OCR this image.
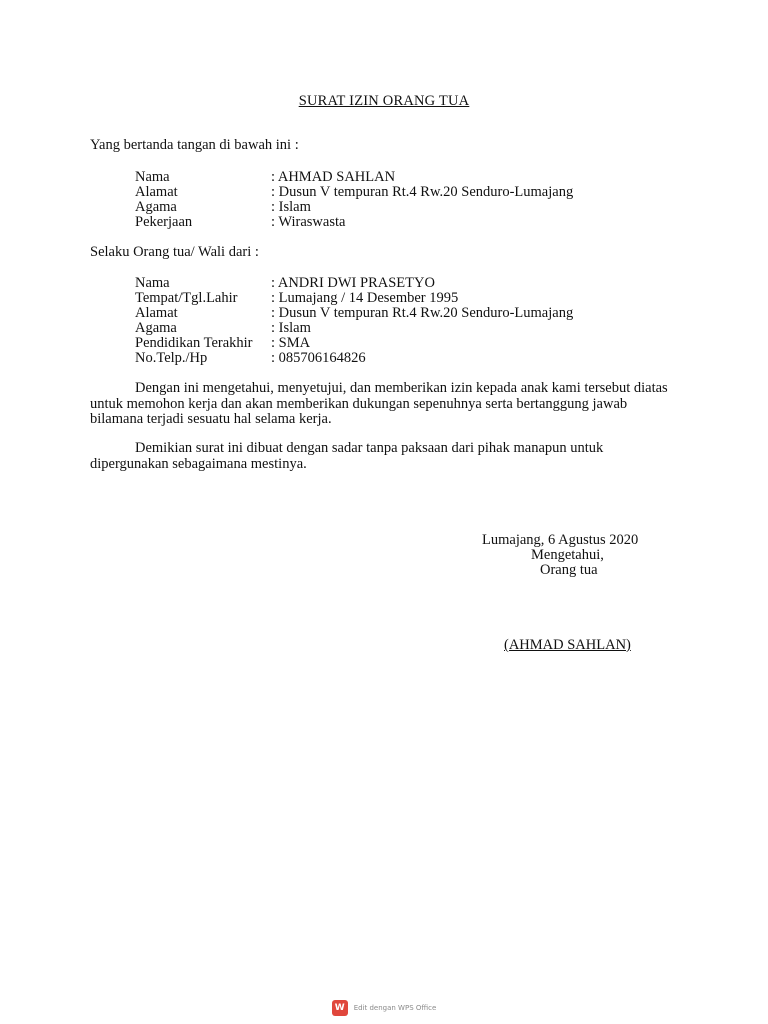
SURAT IZIN ORANG TUA
Yang bertanda tangan di bawah ini :
Nama	: AHMAD SAHLAN
Alamat	: Dusun V tempuran Rt.4 Rw.20 Senduro-Lumajang
Agama	: Islam
Pekerjaan	: Wiraswasta
Selaku Orang tua/ Wali dari :
Nama	: ANDRI DWI PRASETYO
Tempat/Tgl.Lahir : Lumajang / 14 Desember 1995
Alamat	: Dusun V tempuran Rt.4 Rw.20 Senduro-Lumajang
Agama	: Islam
Pendidikan Terakhir : SMA
No.Telp./Hp	: 085706164826
Dengan ini mengetahui, menyetujui, dan memberikan izin kepada anak kami tersebut diatas untuk memohon kerja dan akan memberikan dukungan sepenuhnya serta bertanggung jawab bilamana terjadi sesuatu hal selama kerja.
Demikian surat ini dibuat dengan sadar tanpa paksaan dari pihak manapun untuk dipergunakan sebagaimana mestinya.
Lumajang, 6 Agustus 2020
Mengetahui,
Orang tua
(AHMAD SAHLAN)
W Edit dengan WPS Office
